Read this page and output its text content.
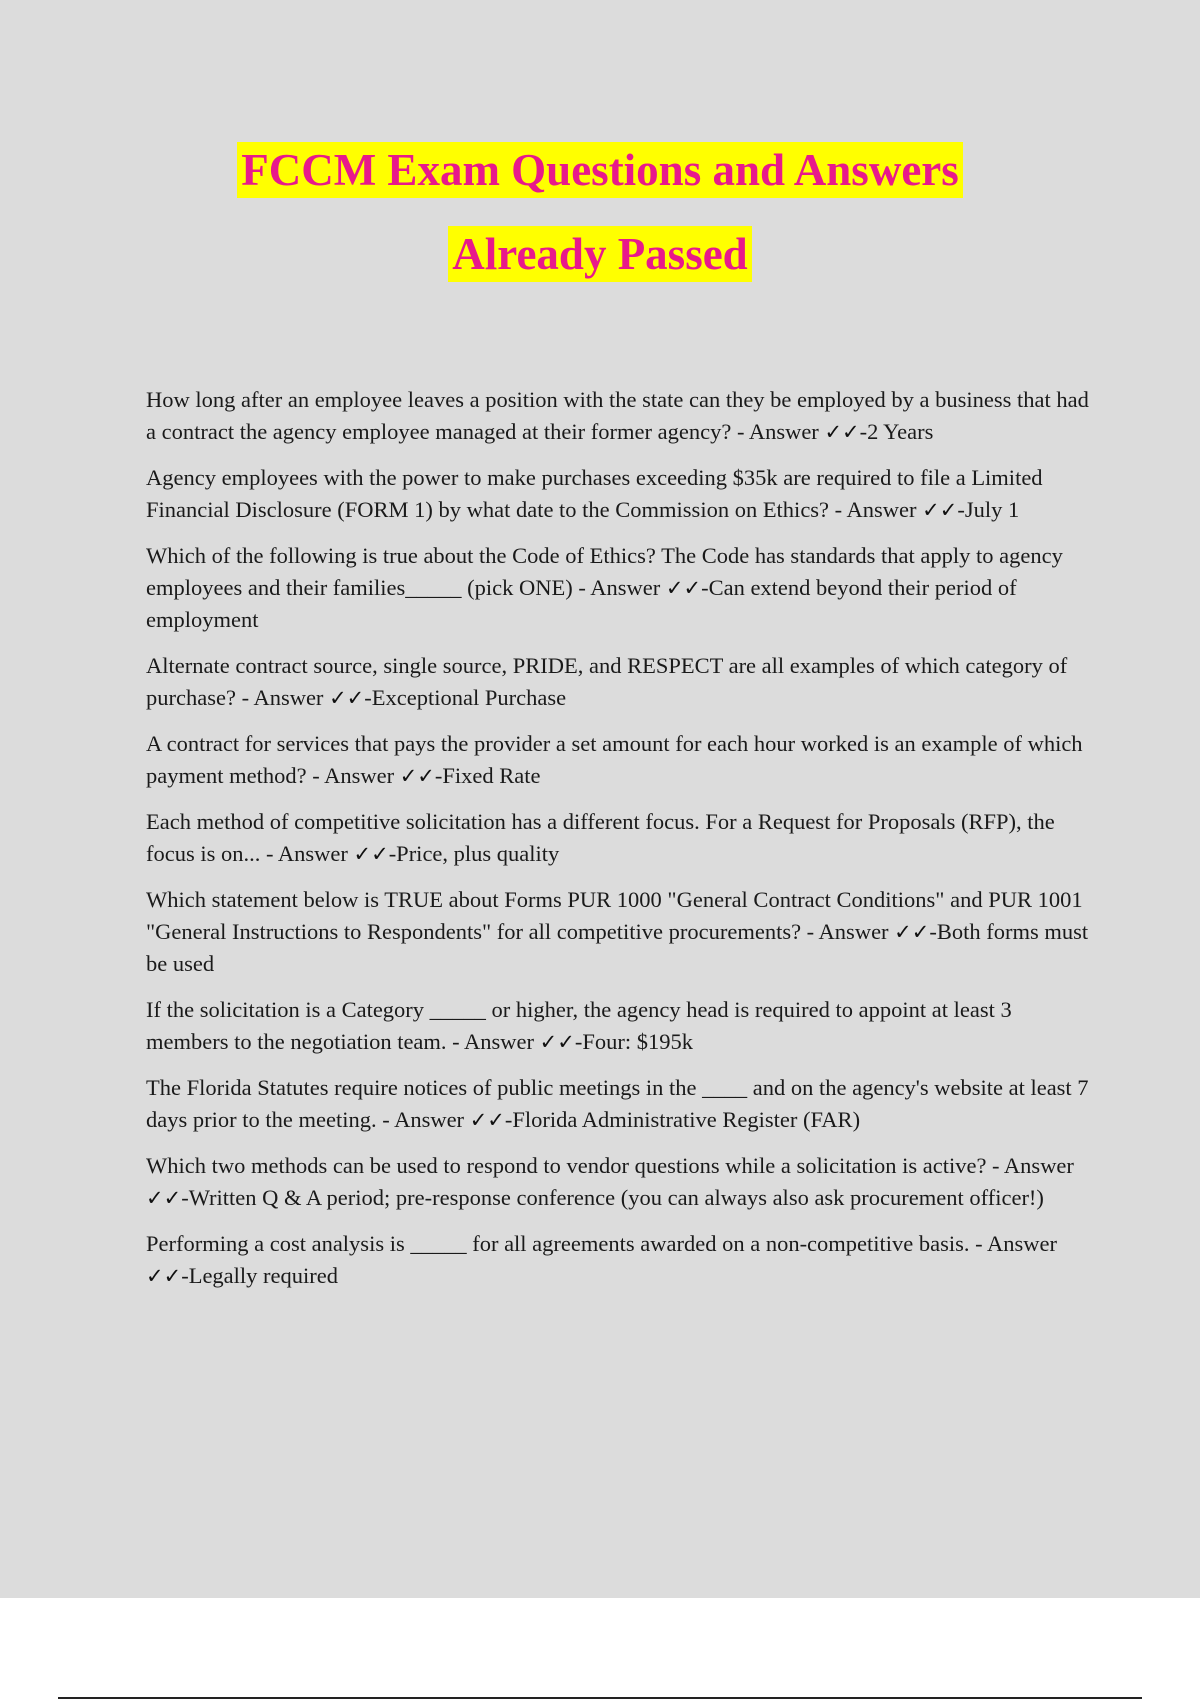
FCCM Exam Questions and Answers
Already Passed

How long after an employee leaves a position with the state can they be employed by a business that had a contract the agency employee managed at their former agency? - Answer ✓✓-2 Years

Agency employees with the power to make purchases exceeding $35k are required to file a Limited Financial Disclosure (FORM 1) by what date to the Commission on Ethics? - Answer ✓✓-July 1

Which of the following is true about the Code of Ethics? The Code has standards that apply to agency employees and their families_____ (pick ONE) - Answer ✓✓-Can extend beyond their period of employment

Alternate contract source, single source, PRIDE, and RESPECT are all examples of which category of purchase? - Answer ✓✓-Exceptional Purchase

A contract for services that pays the provider a set amount for each hour worked is an example of which payment method? - Answer ✓✓-Fixed Rate

Each method of competitive solicitation has a different focus. For a Request for Proposals (RFP), the focus is on... - Answer ✓✓-Price, plus quality

Which statement below is TRUE about Forms PUR 1000 "General Contract Conditions" and PUR 1001 "General Instructions to Respondents" for all competitive procurements? - Answer ✓✓-Both forms must be used

If the solicitation is a Category _____ or higher, the agency head is required to appoint at least 3 members to the negotiation team. - Answer ✓✓-Four: $195k

The Florida Statutes require notices of public meetings in the ____ and on the agency's website at least 7 days prior to the meeting. - Answer ✓✓-Florida Administrative Register (FAR)

Which two methods can be used to respond to vendor questions while a solicitation is active? - Answer ✓✓-Written Q & A period; pre-response conference (you can always also ask procurement officer!)

Performing a cost analysis is _____ for all agreements awarded on a non-competitive basis. - Answer ✓✓-Legally required
